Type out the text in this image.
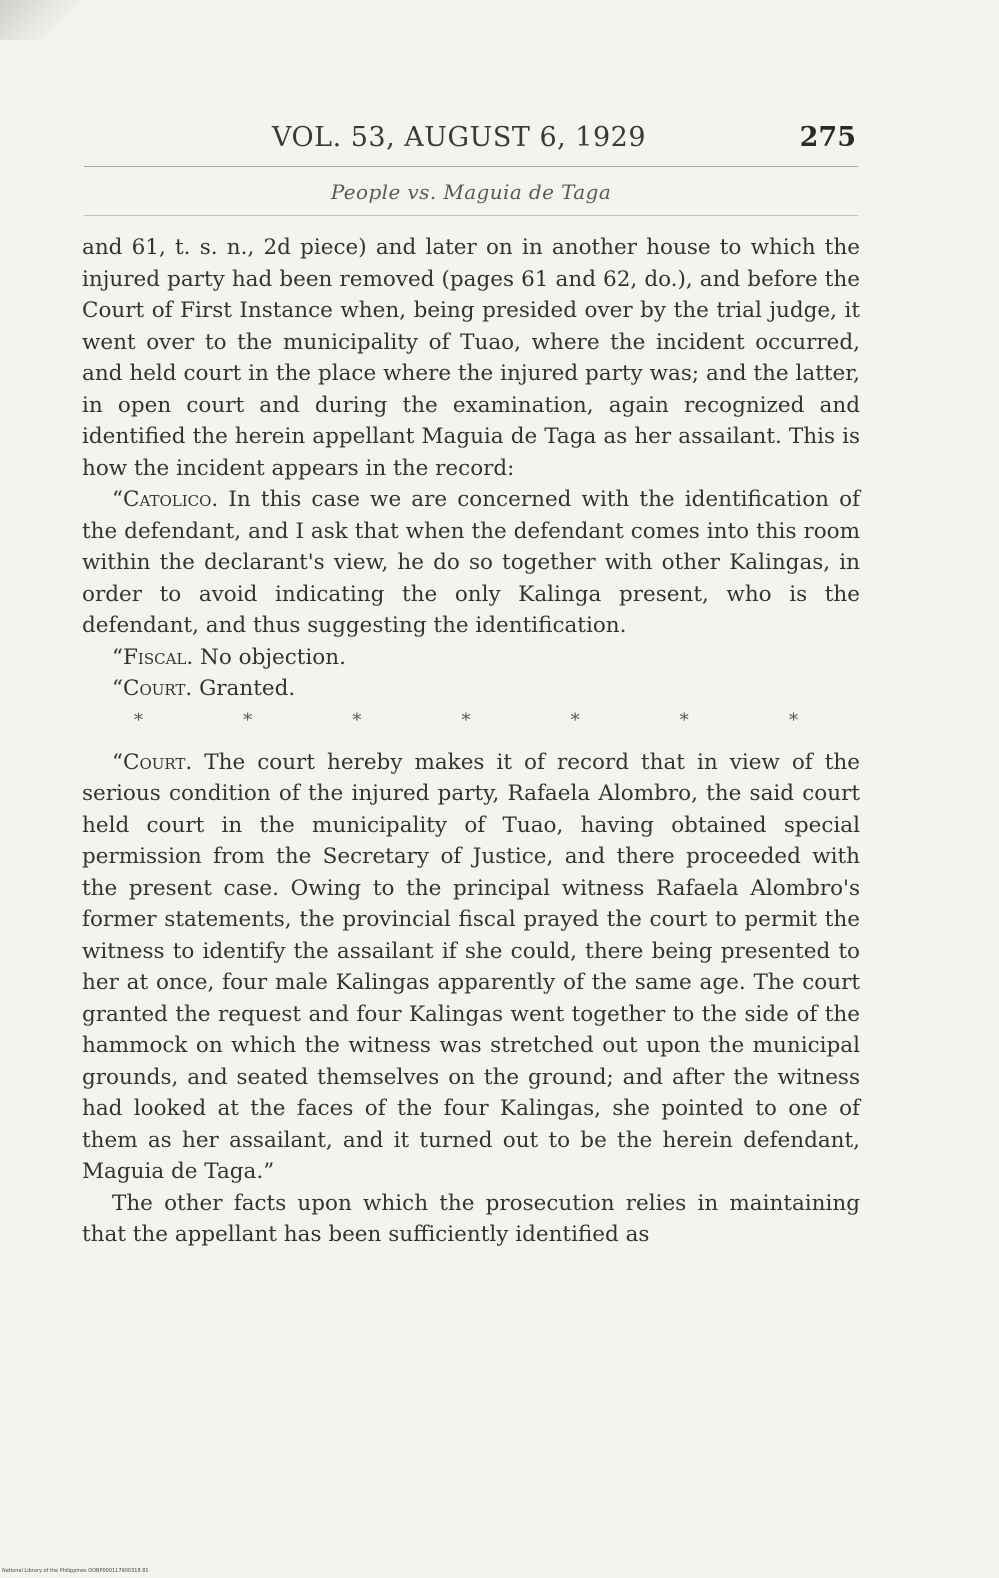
VOL. 53, AUGUST 6, 1929	275
People vs. Maguia de Taga

and 61, t. s. n., 2d piece) and later on in another house to which the injured party had been removed (pages 61 and 62, do.), and before the Court of First Instance when, being presided over by the trial judge, it went over to the municipality of Tuao, where the incident occurred, and held court in the place where the injured party was; and the latter, in open court and during the examination, again recognized and identified the herein appellant Maguia de Taga as her assailant. This is how the incident appears in the record:

“Catolico. In this case we are concerned with the identification of the defendant, and I ask that when the defendant comes into this room within the declarant's view, he do so together with other Kalingas, in order to avoid indicating the only Kalinga present, who is the defendant, and thus suggesting the identification.

“Fiscal. No objection.

“Court. Granted.

*	*	*	*	*	*	*

“Court. The court hereby makes it of record that in view of the serious condition of the injured party, Rafaela Alombro, the said court held court in the municipality of Tuao, having obtained special permission from the Secretary of Justice, and there proceeded with the present case. Owing to the principal witness Rafaela Alombro's former statements, the provincial fiscal prayed the court to permit the witness to identify the assailant if she could, there being presented to her at once, four male Kalingas apparently of the same age. The court granted the request and four Kalingas went together to the side of the hammock on which the witness was stretched out upon the municipal grounds, and seated themselves on the ground; and after the witness had looked at the faces of the four Kalingas, she pointed to one of them as her assailant, and it turned out to be the herein defendant, Maguia de Taga.”

The other facts upon which the prosecution relies in maintaining that the appellant has been sufficiently identified as

National Library of the Philippines DOBP000117900318 81
